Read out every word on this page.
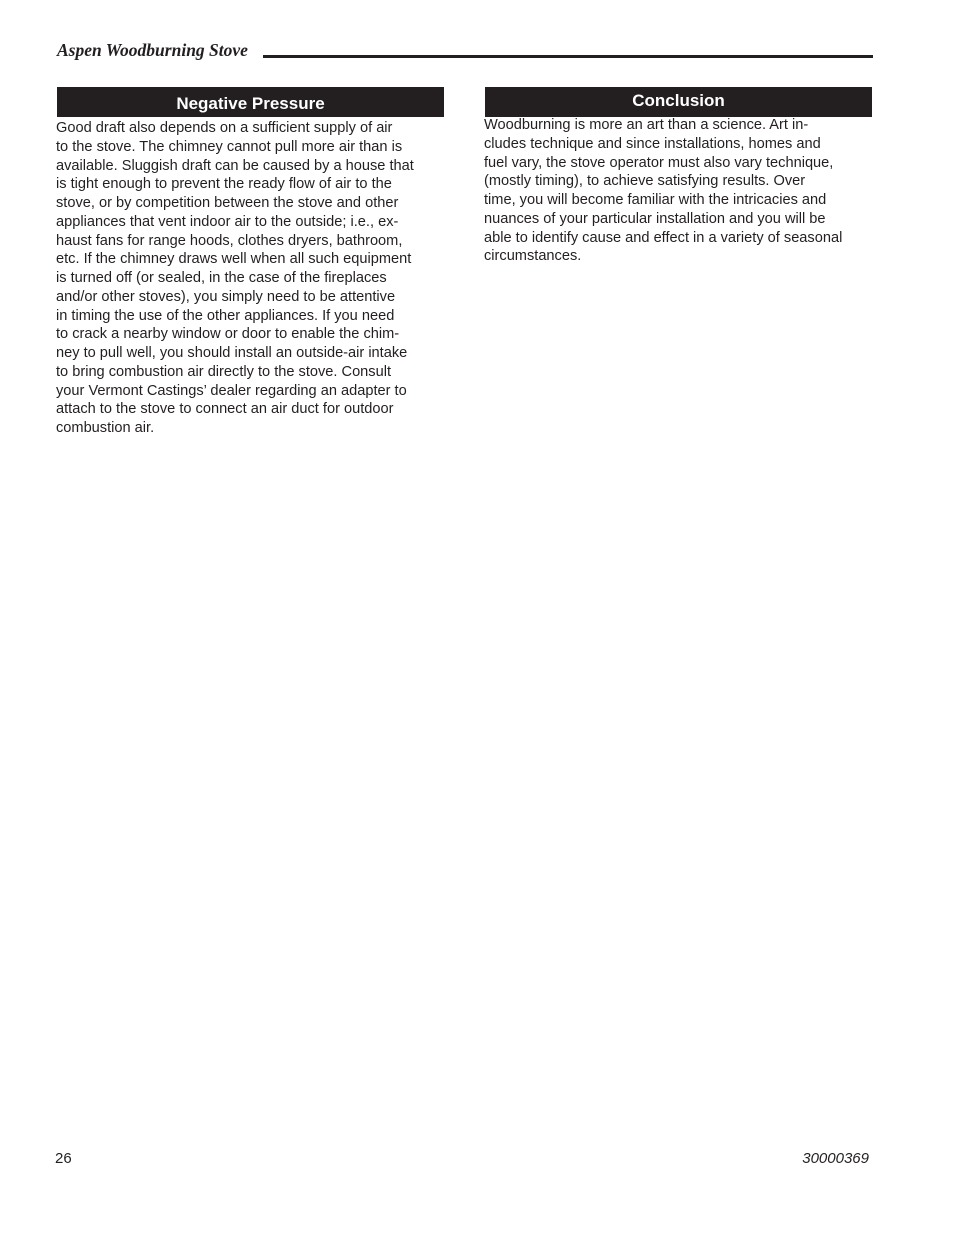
Aspen Woodburning Stove
Negative Pressure
Good draft also depends on a sufficient supply of air
to the stove. The chimney cannot pull more air than is
available. Sluggish draft can be caused by a house that
is tight enough to prevent the ready flow of air to the
stove, or by competition between the stove and other
appliances that vent indoor air to the outside; i.e., ex-
haust fans for range hoods, clothes dryers, bathroom,
etc. If the chimney draws well when all such equipment
is turned off (or sealed, in the case of the fireplaces
and/or other stoves), you simply need to be attentive
in timing the use of the other appliances. If you need
to crack a nearby window or door to enable the chim-
ney to pull well, you should install an outside-air intake
to bring combustion air directly to the stove. Consult
your Vermont Castings’ dealer regarding an adapter to
attach to the stove to connect an air duct for outdoor
combustion air.
Conclusion
Woodburning is more an art than a science. Art in-
cludes technique and since installations, homes and
fuel vary, the stove operator must also vary technique,
(mostly timing), to achieve satisfying results. Over
time, you will become familiar with the intricacies and
nuances of your particular installation and you will be
able to identify cause and effect in a variety of seasonal
circumstances.
26	30000369
